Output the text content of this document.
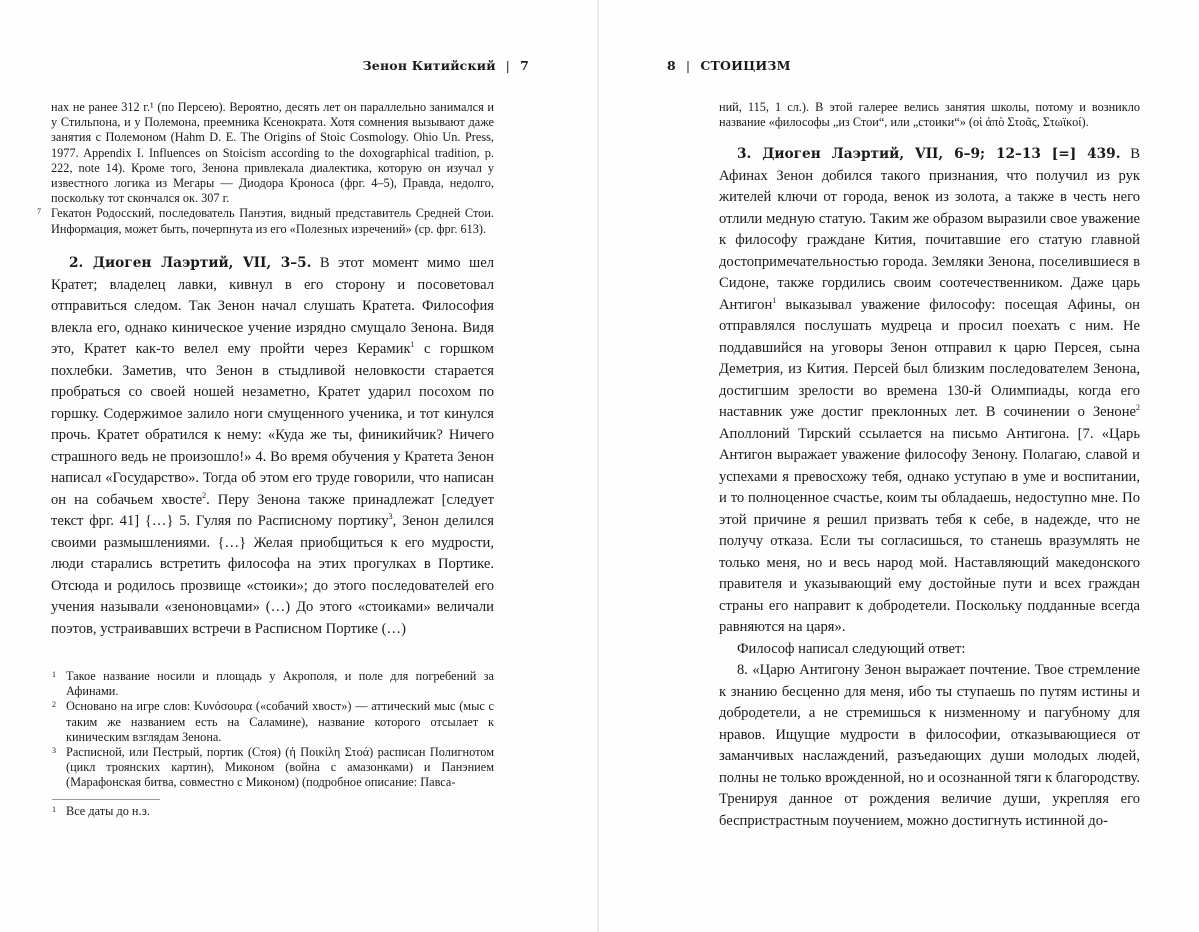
Зенон Китийский | 7

нах не ранее 312 г.¹ (по Персею). Вероятно, десять лет он параллельно занимался и у Стильпона, и у Полемона, преемника Ксенократа. Хотя сомнения вызывают даже занятия с Полемоном (Hahm D. E. The Origins of Stoic Cosmology. Ohio Un. Press, 1977. Appendix I. Influences on Stoicism according to the doxographical tradition, p. 222, note 14). Кроме того, Зенона привлекала диалектика, которую он изучал у известного логика из Мегары — Диодора Кроноса (фрг. 4–5), Правда, недолго, поскольку тот скончался ок. 307 г.

7 Гекатон Родосский, последователь Панэтия, видный представитель Средней Стои. Информация, может быть, почерпнута из его «Полезных изречений» (ср. фрг. 613).

2. Диоген Лаэртий, VII, 3–5. В этот момент мимо шел Кратет; владелец лавки, кивнул в его сторону и посоветовал отправиться следом. Так Зенон начал слушать Кратета. Философия влекла его, однако киническое учение изрядно смущало Зенона. Видя это, Кратет как-то велел ему пройти через Керамик$^1$ с горшком похлебки. Заметив, что Зенон в стыдливой неловкости старается пробраться со своей ношей незаметно, Кратет ударил посохом по горшку. Содержимое залило ноги смущенного ученика, и тот кинулся прочь. Кратет обратился к нему: «Куда же ты, финикийчик? Ничего страшного ведь не произошло!» 4. Во время обучения у Кратета Зенон написал «Государство». Тогда об этом его труде говорили, что написан он на собачьем хвосте$^2$. Перу Зенона также принадлежат [следует текст фрг. 41] {…} 5. Гуляя по Расписному портику$^3$, Зенон делился своими размышлениями. {…} Желая приобщиться к его мудрости, люди старались встретить философа на этих прогулках в Портике. Отсюда и родилось прозвище «стоики»; до этого последователей его учения называли «зеноновцами» (…) До этого «стоиками» величали поэтов, устраивавших встречи в Расписном Портике (…)

1 Такое название носили и площадь у Акрополя, и поле для погребений за Афинами.

2 Основано на игре слов: Κυνόσουρα («собачий хвост») — аттический мыс (мыс с таким же названием есть на Саламине), название которого отсылает к киническим взглядам Зенона.

3 Расписной, или Пестрый, портик (Стоя) (ἡ Ποικίλη Στοά) расписан Полигнотом (цикл троянских картин), Миконом (война с амазонками) и Панэнием (Марафонская битва, совместно с Миконом) (подробное описание: Павса-

1 Все даты до н.э.

8 | СТОИЦИЗМ

ний, 115, 1 сл.). В этой галерее велись занятия школы, потому и возникло название «философы „из Стои“, или „стоики“» (οἱ ἀπὸ Στοᾶς, Στωϊκοί).

3. Диоген Лаэртий, VII, 6–9; 12–13 [=] 439. В Афинах Зенон добился такого признания, что получил из рук жителей ключи от города, венок из золота, а также в честь него отлили медную статую. Таким же образом выразили свое уважение к философу граждане Кития, почитавшие его статую главной достопримечательностью города. Земляки Зенона, поселившиеся в Сидоне, также гордились своим соотечественником. Даже царь Антигон$^1$ выказывал уважение философу: посещая Афины, он отправлялся послушать мудреца и просил поехать с ним. Не поддавшийся на уговоры Зенон отправил к царю Персея, сына Деметрия, из Кития. Персей был близким последователем Зенона, достигшим зрелости во времена 130-й Олимпиады, когда его наставник уже достиг преклонных лет. В сочинении о Зеноне$^2$ Аполлоний Тирский ссылается на письмо Антигона. [7. «Царь Антигон выражает уважение философу Зенону. Полагаю, славой и успехами я превосхожу тебя, однако уступаю в уме и воспитании, и то полноценное счастье, коим ты обладаешь, недоступно мне. По этой причине я решил призвать тебя к себе, в надежде, что не получу отказа. Если ты согласишься, то станешь вразумлять не только меня, но и весь народ мой. Наставляющий македонского правителя и указывающий ему достойные пути и всех граждан страны его направит к добродетели. Поскольку подданные всегда равняются на царя».

Философ написал следующий ответ:

8. «Царю Антигону Зенон выражает почтение. Твое стремление к знанию бесценно для меня, ибо ты ступаешь по путям истины и добродетели, а не стремишься к низменному и пагубному для нравов. Ищущие мудрости в философии, отказывающиеся от заманчивых наслаждений, разъедающих души молодых людей, полны не только врожденной, но и осознанной тяги к благородству. Тренируя данное от рождения величие души, укрепляя его беспристрастным поучением, можно достигнуть истинной до-
